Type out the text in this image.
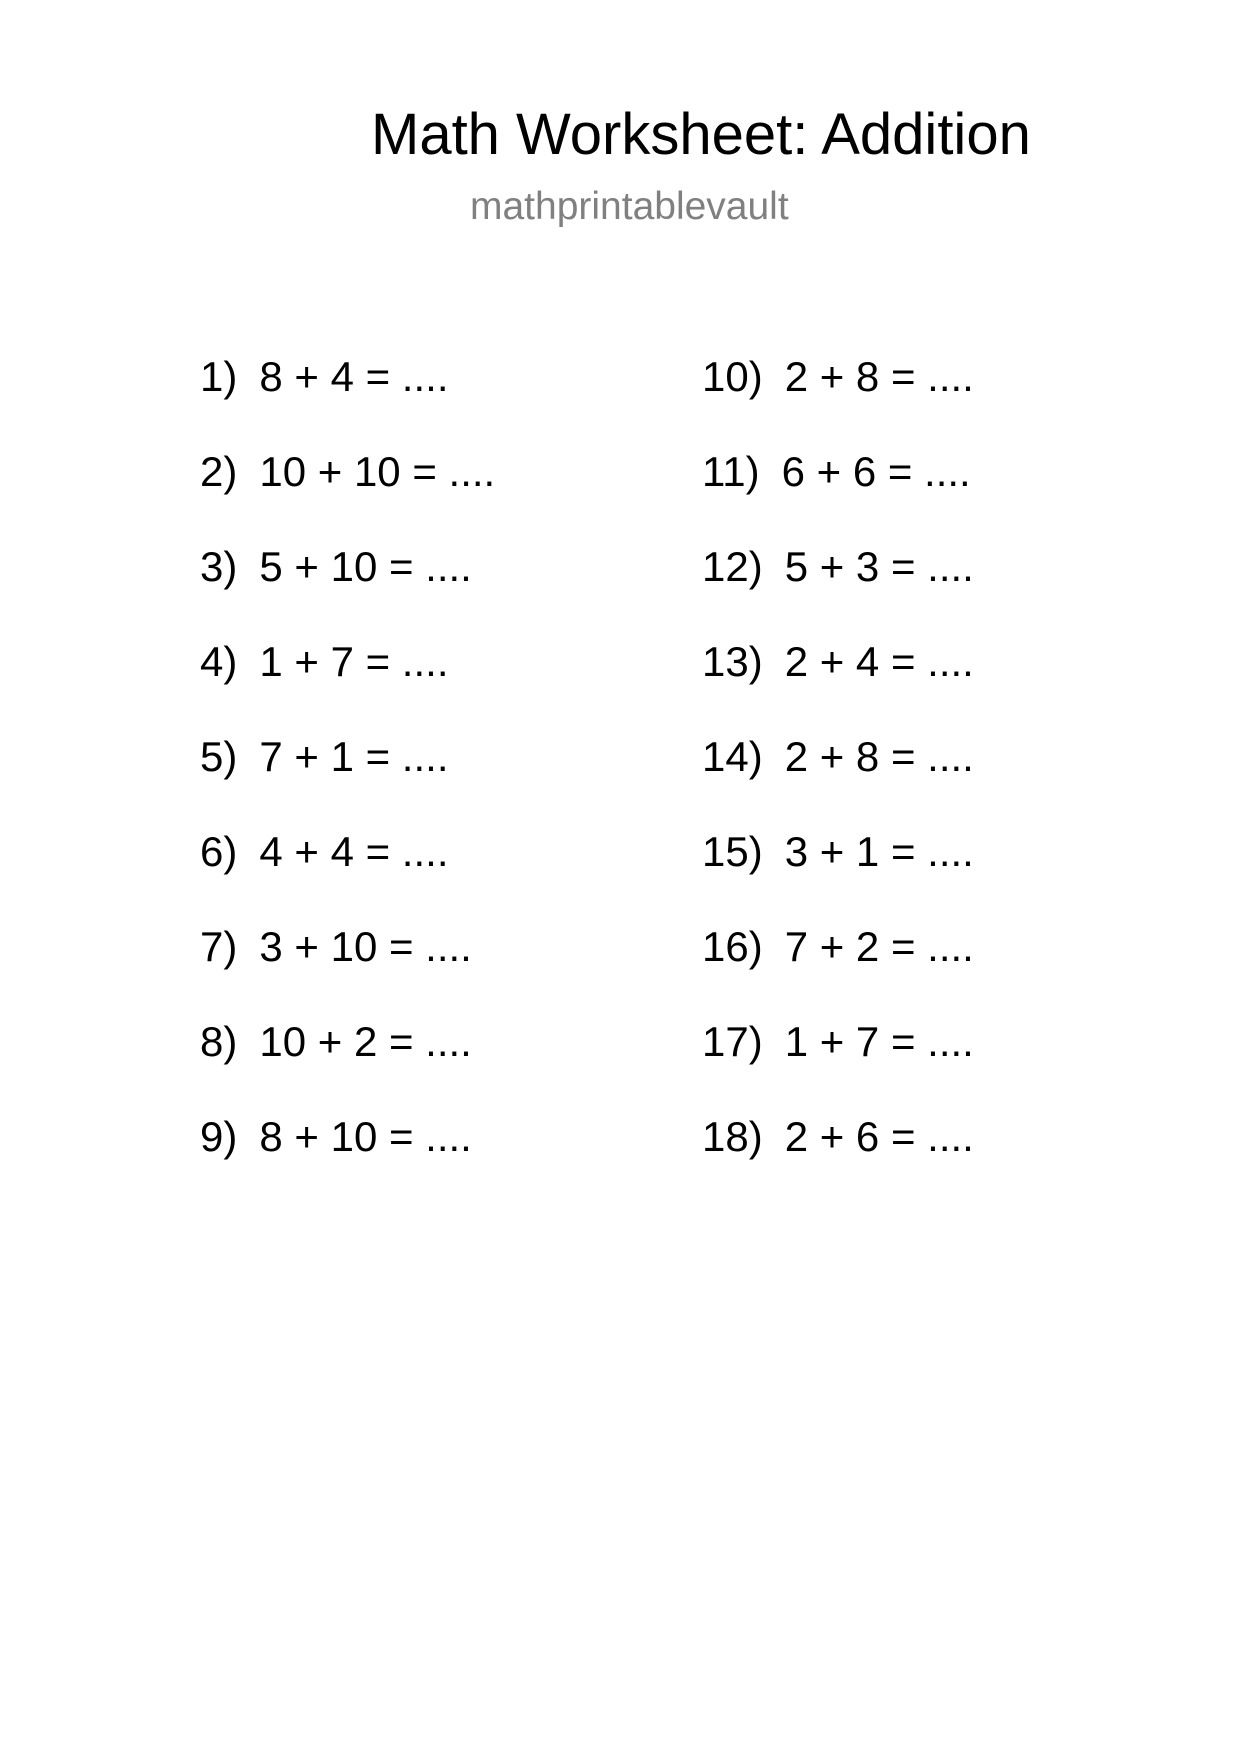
Math Worksheet: Addition
mathprintablevault
1) 8 + 4 = ....
2) 10 + 10 = ....
3) 5 + 10 = ....
4) 1 + 7 = ....
5) 7 + 1 = ....
6) 4 + 4 = ....
7) 3 + 10 = ....
8) 10 + 2 = ....
9) 8 + 10 = ....
10) 2 + 8 = ....
11) 6 + 6 = ....
12) 5 + 3 = ....
13) 2 + 4 = ....
14) 2 + 8 = ....
15) 3 + 1 = ....
16) 7 + 2 = ....
17) 1 + 7 = ....
18) 2 + 6 = ....
